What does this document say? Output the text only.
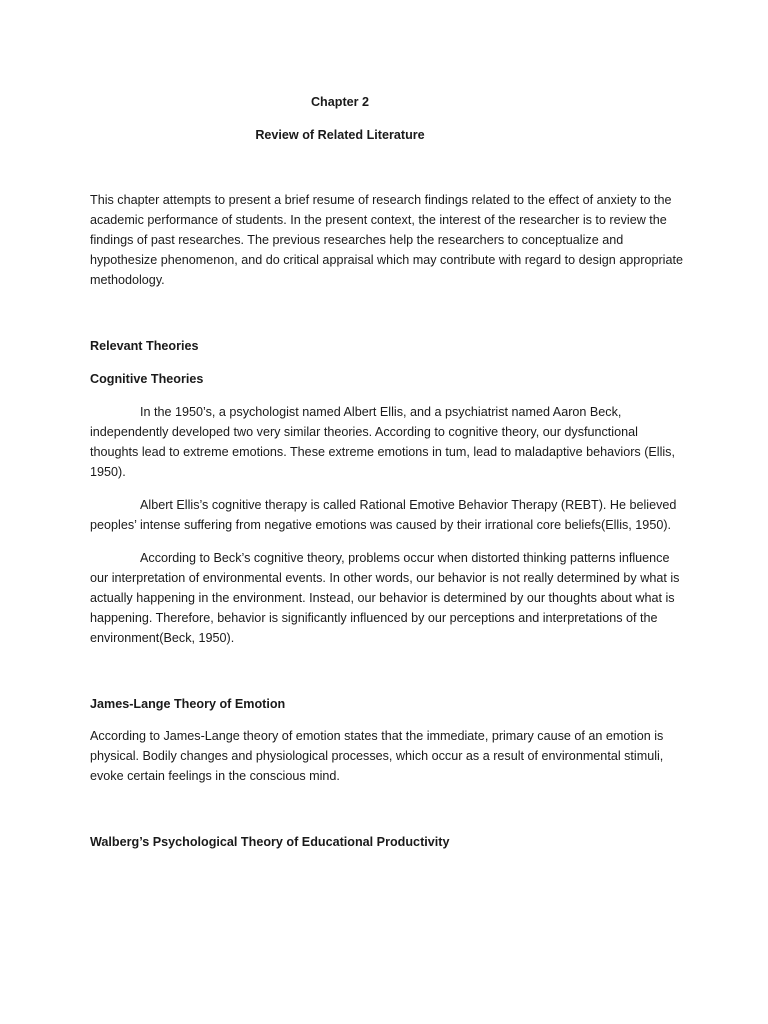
Chapter 2

Review of Related Literature

This chapter attempts to present a brief resume of research findings related to the effect of anxiety to the academic performance of students. In the present context, the interest of the researcher is to review the findings of past researches. The previous researches help the researchers to conceptualize and hypothesize phenomenon, and do critical appraisal which may contribute with regard to design appropriate methodology.

Relevant Theories

Cognitive Theories

In the 1950’s, a psychologist named Albert Ellis, and a psychiatrist named Aaron Beck, independently developed two very similar theories. According to cognitive theory, our dysfunctional thoughts lead to extreme emotions. These extreme emotions in tum, lead to maladaptive behaviors (Ellis, 1950).

Albert Ellis’s cognitive therapy is called Rational Emotive Behavior Therapy (REBT). He believed peoples’ intense suffering from negative emotions was caused by their irrational core beliefs(Ellis, 1950).

According to Beck’s cognitive theory, problems occur when distorted thinking patterns influence our interpretation of environmental events. In other words, our behavior is not really determined by what is actually happening in the environment. Instead, our behavior is determined by our thoughts about what is happening. Therefore, behavior is significantly influenced by our perceptions and interpretations of the environment(Beck, 1950).

James-Lange Theory of Emotion

According to James-Lange theory of emotion states that the immediate, primary cause of an emotion is physical. Bodily changes and physiological processes, which occur as a result of environmental stimuli, evoke certain feelings in the conscious mind.

Walberg’s Psychological Theory of Educational Productivity
